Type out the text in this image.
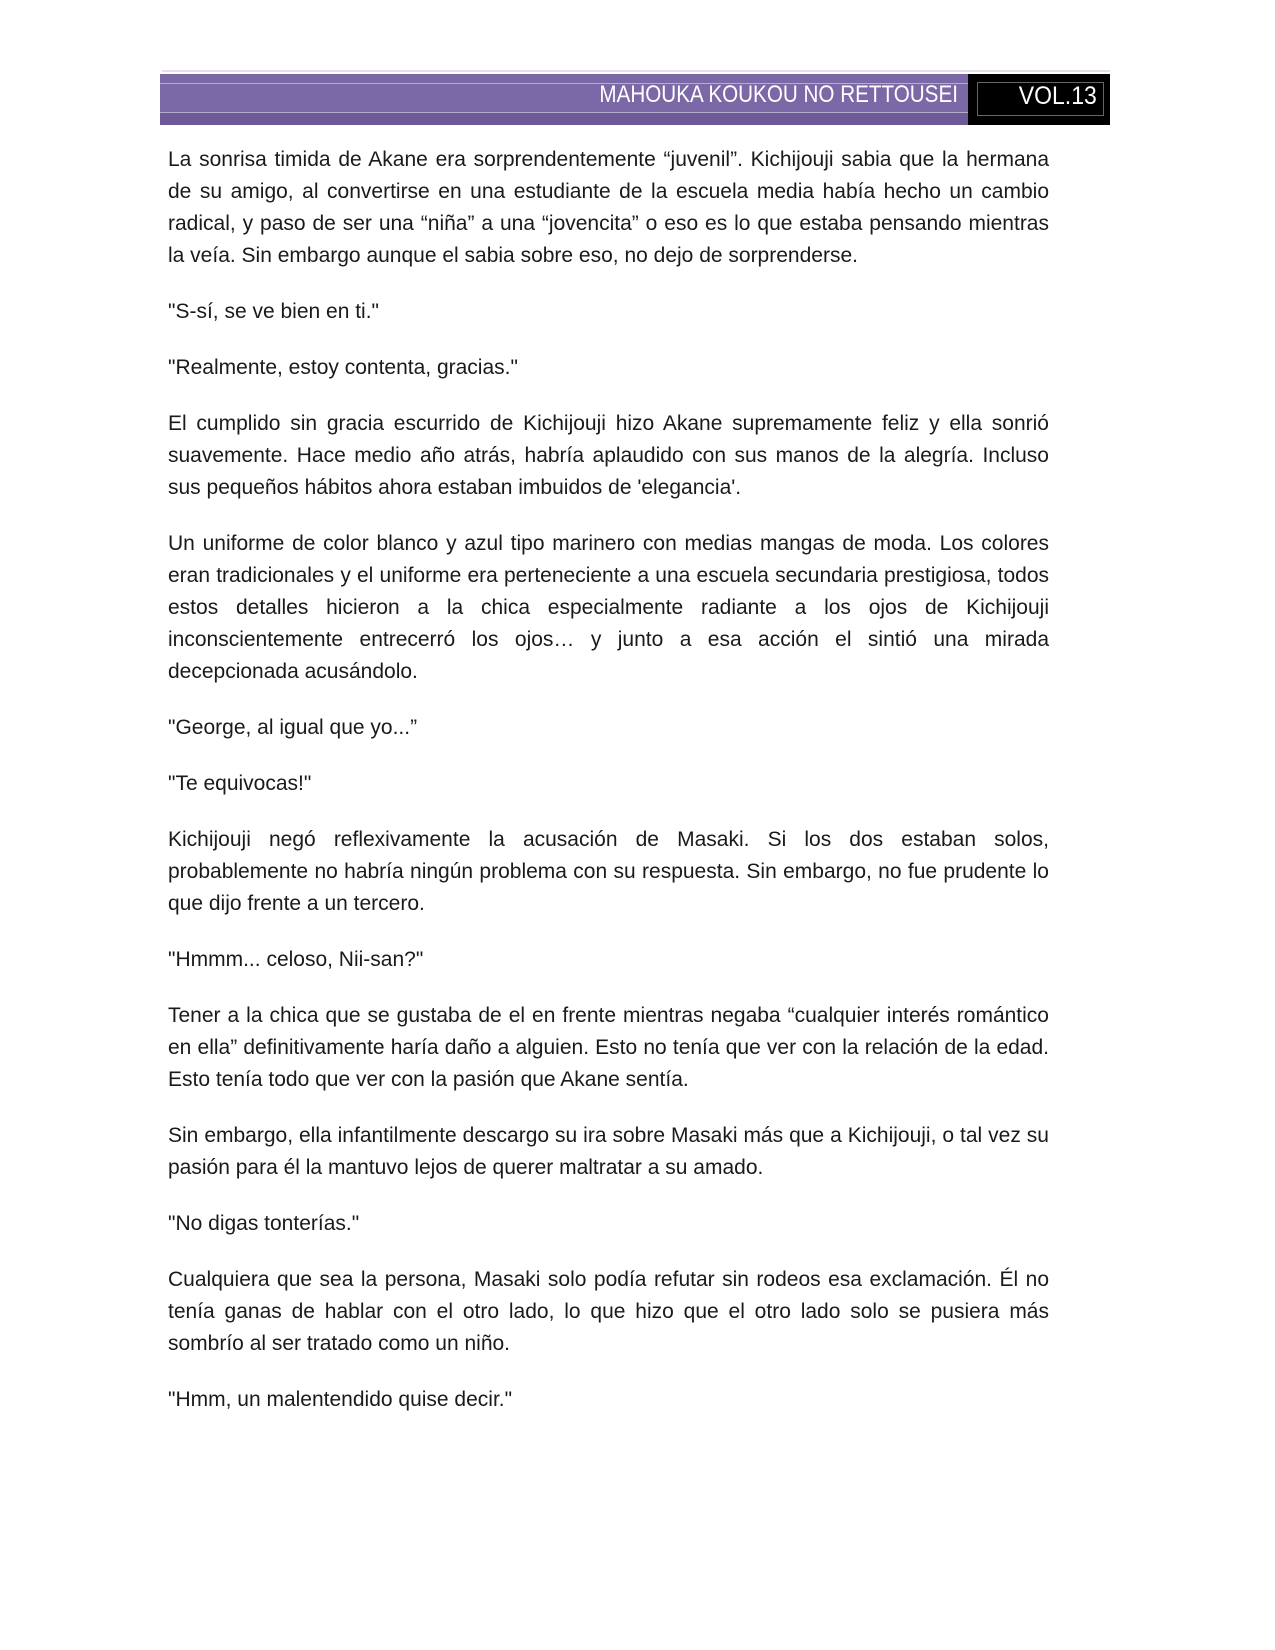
MAHOUKA KOUKOU NO RETTOUSEI VOL.13

La sonrisa timida de Akane era sorprendentemente “juvenil”. Kichijouji sabia que la hermana de su amigo, al convertirse en una estudiante de la escuela media había hecho un cambio radical, y paso de ser una “niña” a una “jovencita” o eso es lo que estaba pensando mientras la veía. Sin embargo aunque el sabia sobre eso, no dejo de sorprenderse.

"S-sí, se ve bien en ti."

"Realmente, estoy contenta, gracias."

El cumplido sin gracia escurrido de Kichijouji hizo Akane supremamente feliz y ella sonrió suavemente. Hace medio año atrás, habría aplaudido con sus manos de la alegría. Incluso sus pequeños hábitos ahora estaban imbuidos de 'elegancia'.

Un uniforme de color blanco y azul tipo marinero con medias mangas de moda. Los colores eran tradicionales y el uniforme era perteneciente a una escuela secundaria prestigiosa, todos estos detalles hicieron a la chica especialmente radiante a los ojos de Kichijouji inconscientemente entrecerró los ojos… y junto a esa acción el sintió una mirada decepcionada acusándolo.

"George, al igual que yo...”

"Te equivocas!"

Kichijouji negó reflexivamente la acusación de Masaki. Si los dos estaban solos, probablemente no habría ningún problema con su respuesta. Sin embargo, no fue prudente lo que dijo frente a un tercero.

"Hmmm... celoso, Nii-san?"

Tener a la chica que se gustaba de el en frente mientras negaba “cualquier interés romántico en ella” definitivamente haría daño a alguien. Esto no tenía que ver con la relación de la edad. Esto tenía todo que ver con la pasión que Akane sentía.

Sin embargo, ella infantilmente descargo su ira sobre Masaki más que a Kichijouji, o tal vez su pasión para él la mantuvo lejos de querer maltratar a su amado.

"No digas tonterías."

Cualquiera que sea la persona, Masaki solo podía refutar sin rodeos esa exclamación. Él no tenía ganas de hablar con el otro lado, lo que hizo que el otro lado solo se pusiera más sombrío al ser tratado como un niño.

"Hmm, un malentendido quise decir."
